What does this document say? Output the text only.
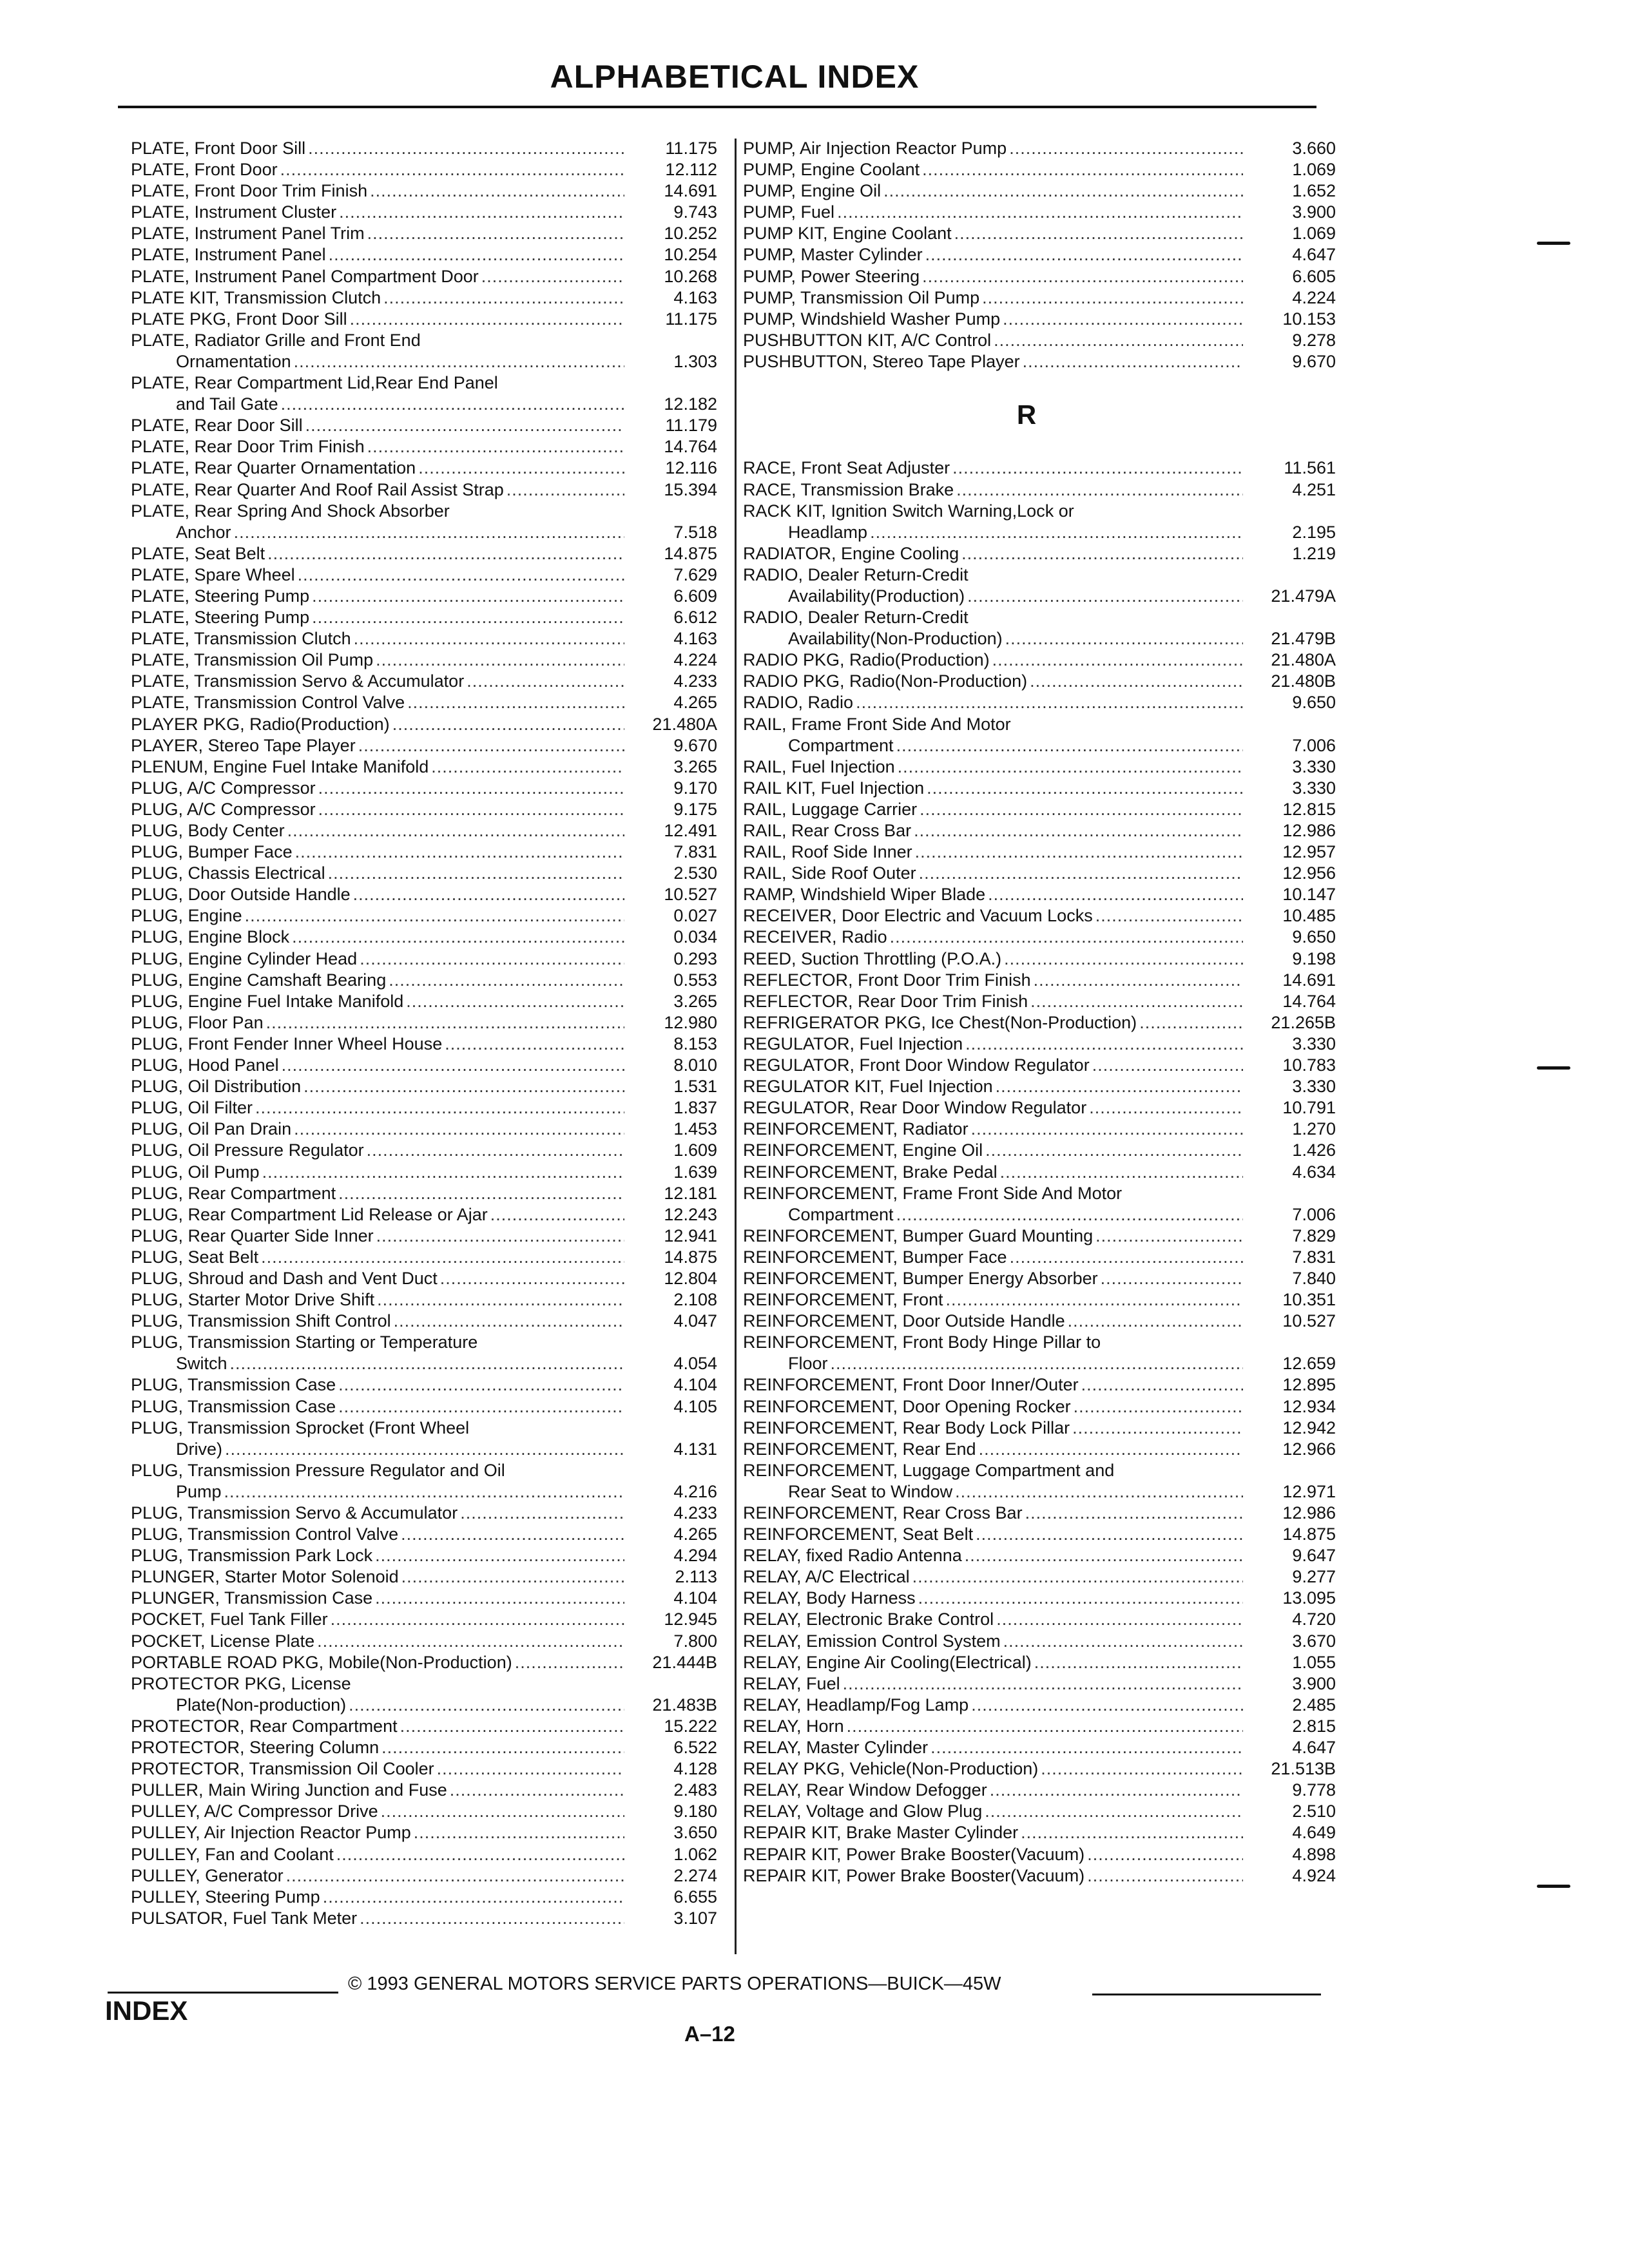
ALPHABETICAL INDEX
PLATE, Front Door Sill .....	11.175
PLATE, Front Door .....	12.112
PLATE, Front Door Trim Finish .....	14.691
PLATE, Instrument Cluster .....	9.743
PLATE, Instrument Panel Trim .....	10.252
PLATE, Instrument Panel .....	10.254
PLATE, Instrument Panel Compartment Door .....	10.268
PLATE KIT, Transmission Clutch .....	4.163
PLATE PKG, Front Door Sill .....	11.175
PLATE, Radiator Grille and Front End
Ornamentation .....	1.303
PLATE, Rear Compartment Lid,Rear End Panel
and Tail Gate .....	12.182
PLATE, Rear Door Sill .....	11.179
PLATE, Rear Door Trim Finish .....	14.764
PLATE, Rear Quarter Ornamentation .....	12.116
PLATE, Rear Quarter And Roof Rail Assist Strap .....	15.394
PLATE, Rear Spring And Shock Absorber
Anchor .....	7.518
PLATE, Seat Belt .....	14.875
PLATE, Spare Wheel .....	7.629
PLATE, Steering Pump .....	6.609
PLATE, Steering Pump .....	6.612
PLATE, Transmission Clutch .....	4.163
PLATE, Transmission Oil Pump .....	4.224
PLATE, Transmission Servo & Accumulator .....	4.233
PLATE, Transmission Control Valve .....	4.265
PLAYER PKG, Radio(Production) .....	21.480A
PLAYER, Stereo Tape Player .....	9.670
PLENUM, Engine Fuel Intake Manifold .....	3.265
PLUG, A/C Compressor .....	9.170
PLUG, A/C Compressor .....	9.175
PLUG, Body Center .....	12.491
PLUG, Bumper Face .....	7.831
PLUG, Chassis Electrical .....	2.530
PLUG, Door Outside Handle .....	10.527
PLUG, Engine .....	0.027
PLUG, Engine Block .....	0.034
PLUG, Engine Cylinder Head .....	0.293
PLUG, Engine Camshaft Bearing .....	0.553
PLUG, Engine Fuel Intake Manifold .....	3.265
PLUG, Floor Pan .....	12.980
PLUG, Front Fender Inner Wheel House .....	8.153
PLUG, Hood Panel .....	8.010
PLUG, Oil Distribution .....	1.531
PLUG, Oil Filter .....	1.837
PLUG, Oil Pan Drain .....	1.453
PLUG, Oil Pressure Regulator .....	1.609
PLUG, Oil Pump .....	1.639
PLUG, Rear Compartment .....	12.181
PLUG, Rear Compartment Lid Release or Ajar .....	12.243
PLUG, Rear Quarter Side Inner .....	12.941
PLUG, Seat Belt .....	14.875
PLUG, Shroud and Dash and Vent Duct .....	12.804
PLUG, Starter Motor Drive Shift .....	2.108
PLUG, Transmission Shift Control .....	4.047
PLUG, Transmission Starting or Temperature
Switch .....	4.054
PLUG, Transmission Case .....	4.104
PLUG, Transmission Case .....	4.105
PLUG, Transmission Sprocket (Front Wheel
Drive) .....	4.131
PLUG, Transmission Pressure Regulator and Oil
Pump .....	4.216
PLUG, Transmission Servo & Accumulator .....	4.233
PLUG, Transmission Control Valve .....	4.265
PLUG, Transmission Park Lock .....	4.294
PLUNGER, Starter Motor Solenoid .....	2.113
PLUNGER, Transmission Case .....	4.104
POCKET, Fuel Tank Filler .....	12.945
POCKET, License Plate .....	7.800
PORTABLE ROAD PKG, Mobile(Non-Production) .....	21.444B
PROTECTOR PKG, License
Plate(Non-production) .....	21.483B
PROTECTOR, Rear Compartment .....	15.222
PROTECTOR, Steering Column .....	6.522
PROTECTOR, Transmission Oil Cooler .....	4.128
PULLER, Main Wiring Junction and Fuse .....	2.483
PULLEY, A/C Compressor Drive .....	9.180
PULLEY, Air Injection Reactor Pump .....	3.650
PULLEY, Fan and Coolant .....	1.062
PULLEY, Generator .....	2.274
PULLEY, Steering Pump .....	6.655
PULSATOR, Fuel Tank Meter .....	3.107
PUMP, Air Injection Reactor Pump .....	3.660
PUMP, Engine Coolant .....	1.069
PUMP, Engine Oil .....	1.652
PUMP, Fuel .....	3.900
PUMP KIT, Engine Coolant .....	1.069
PUMP, Master Cylinder .....	4.647
PUMP, Power Steering .....	6.605
PUMP, Transmission Oil Pump .....	4.224
PUMP, Windshield Washer Pump .....	10.153
PUSHBUTTON KIT, A/C Control .....	9.278
PUSHBUTTON, Stereo Tape Player .....	9.670
R
RACE, Front Seat Adjuster .....	11.561
RACE, Transmission Brake .....	4.251
RACK KIT, Ignition Switch Warning,Lock or
Headlamp .....	2.195
RADIATOR, Engine Cooling .....	1.219
RADIO, Dealer Return-Credit
Availability(Production) .....	21.479A
RADIO, Dealer Return-Credit
Availability(Non-Production) .....	21.479B
RADIO PKG, Radio(Production) .....	21.480A
RADIO PKG, Radio(Non-Production) .....	21.480B
RADIO, Radio .....	9.650
RAIL, Frame Front Side And Motor
Compartment .....	7.006
RAIL, Fuel Injection .....	3.330
RAIL KIT, Fuel Injection .....	3.330
RAIL, Luggage Carrier .....	12.815
RAIL, Rear Cross Bar .....	12.986
RAIL, Roof Side Inner .....	12.957
RAIL, Side Roof Outer .....	12.956
RAMP, Windshield Wiper Blade .....	10.147
RECEIVER, Door Electric and Vacuum Locks .....	10.485
RECEIVER, Radio .....	9.650
REED, Suction Throttling (P.O.A.) .....	9.198
REFLECTOR, Front Door Trim Finish .....	14.691
REFLECTOR, Rear Door Trim Finish .....	14.764
REFRIGERATOR PKG, Ice Chest(Non-Production) .....	21.265B
REGULATOR, Fuel Injection .....	3.330
REGULATOR, Front Door Window Regulator .....	10.783
REGULATOR KIT, Fuel Injection .....	3.330
REGULATOR, Rear Door Window Regulator .....	10.791
REINFORCEMENT, Radiator .....	1.270
REINFORCEMENT, Engine Oil .....	1.426
REINFORCEMENT, Brake Pedal .....	4.634
REINFORCEMENT, Frame Front Side And Motor
Compartment .....	7.006
REINFORCEMENT, Bumper Guard Mounting .....	7.829
REINFORCEMENT, Bumper Face .....	7.831
REINFORCEMENT, Bumper Energy Absorber .....	7.840
REINFORCEMENT, Front .....	10.351
REINFORCEMENT, Door Outside Handle .....	10.527
REINFORCEMENT, Front Body Hinge Pillar to
Floor .....	12.659
REINFORCEMENT, Front Door Inner/Outer .....	12.895
REINFORCEMENT, Door Opening Rocker .....	12.934
REINFORCEMENT, Rear Body Lock Pillar .....	12.942
REINFORCEMENT, Rear End .....	12.966
REINFORCEMENT, Luggage Compartment and
Rear Seat to Window .....	12.971
REINFORCEMENT, Rear Cross Bar .....	12.986
REINFORCEMENT, Seat Belt .....	14.875
RELAY, fixed Radio Antenna .....	9.647
RELAY, A/C Electrical .....	9.277
RELAY, Body Harness .....	13.095
RELAY, Electronic Brake Control .....	4.720
RELAY, Emission Control System .....	3.670
RELAY, Engine Air Cooling(Electrical) .....	1.055
RELAY, Fuel .....	3.900
RELAY, Headlamp/Fog Lamp .....	2.485
RELAY, Horn .....	2.815
RELAY, Master Cylinder .....	4.647
RELAY PKG, Vehicle(Non-Production) .....	21.513B
RELAY, Rear Window Defogger .....	9.778
RELAY, Voltage and Glow Plug .....	2.510
REPAIR KIT, Brake Master Cylinder .....	4.649
REPAIR KIT, Power Brake Booster(Vacuum) .....	4.898
REPAIR KIT, Power Brake Booster(Vacuum) .....	4.924
© 1993 GENERAL MOTORS SERVICE PARTS OPERATIONS—BUICK—45W
INDEX
A–12
